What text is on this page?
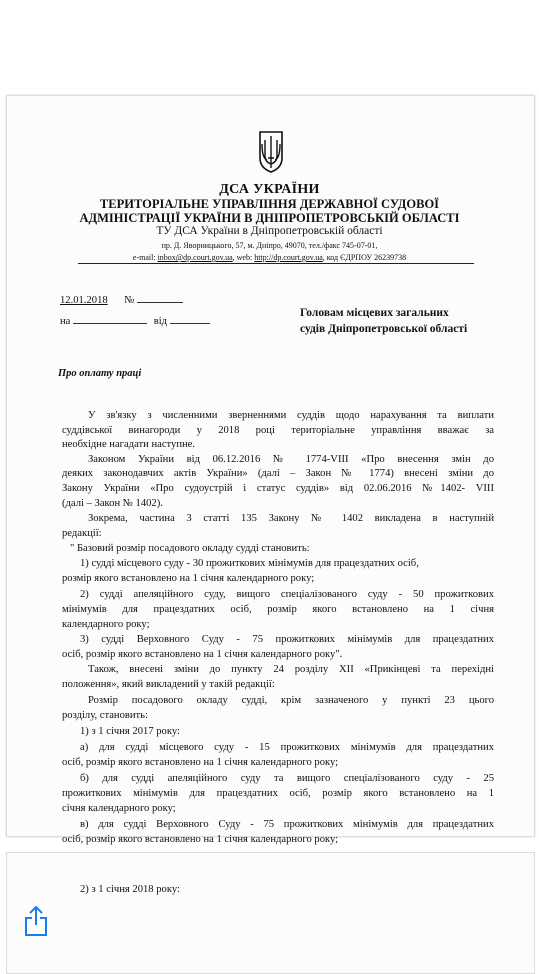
ДСА УКРАЇНИ
ТЕРИТОРІАЛЬНЕ УПРАВЛІННЯ ДЕРЖАВНОЇ СУДОВОЇ
АДМІНІСТРАЦІЇ УКРАЇНИ В ДНІПРОПЕТРОВСЬКІЙ ОБЛАСТІ
ТУ ДСА України в Дніпропетровській області
пр. Д. Яворницького, 57, м. Дніпро, 49070, тел./факс 745-07-01,
e-mail: inbox@dp.court.gov.ua, web: http://dp.court.gov.ua, код ЄДРПОУ 26239738
12.01.2018 №
на	від
Головам місцевих загальних
судів Дніпропетровської області
Про оплату праці
У зв'язку з численними зверненнями суддів щодо нарахування та виплати
суддівської винагороди у 2018 році територіальне управління вважає за
необхідне нагадати наступне.
Законом України від 06.12.2016 № 1774-VIII «Про внесення змін до
деяких законодавчих актів України» (далі – Закон № 1774) внесені зміни до
Закону України «Про судоустрій і статус суддів» від 02.06.2016 №1402- VIII
(далі – Закон № 1402).
Зокрема, частина 3 статті 135 Закону № 1402 викладена в наступній
редакції:
" Базовий розмір посадового окладу судді становить:
1) судді місцевого суду - 30 прожиткових мінімумів для працездатних осіб,
розмір якого встановлено на 1 січня календарного року;
2) судді апеляційного суду, вищого спеціалізованого суду - 50 прожиткових
мінімумів для працездатних осіб, розмір якого встановлено на 1 січня
календарного року;
3) судді Верховного Суду - 75 прожиткових мінімумів для працездатних
осіб, розмір якого встановлено на 1 січня календарного року".
Також, внесені зміни до пункту 24 розділу XII «Прикінцеві та перехідні
положення», який викладений у такій редакції:
Розмір посадового окладу судді, крім зазначеного у пункті 23 цього
розділу, становить:
1) з 1 січня 2017 року:
а) для судді місцевого суду - 15 прожиткових мінімумів для працездатних
осіб, розмір якого встановлено на 1 січня календарного року;
б) для судді апеляційного суду та вищого спеціалізованого суду - 25
прожиткових мінімумів для працездатних осіб, розмір якого встановлено на 1
січня календарного року;
в) для судді Верховного Суду - 75 прожиткових мінімумів для працездатних
осіб, розмір якого встановлено на 1 січня календарного року;
2) з 1 січня 2018 року:
